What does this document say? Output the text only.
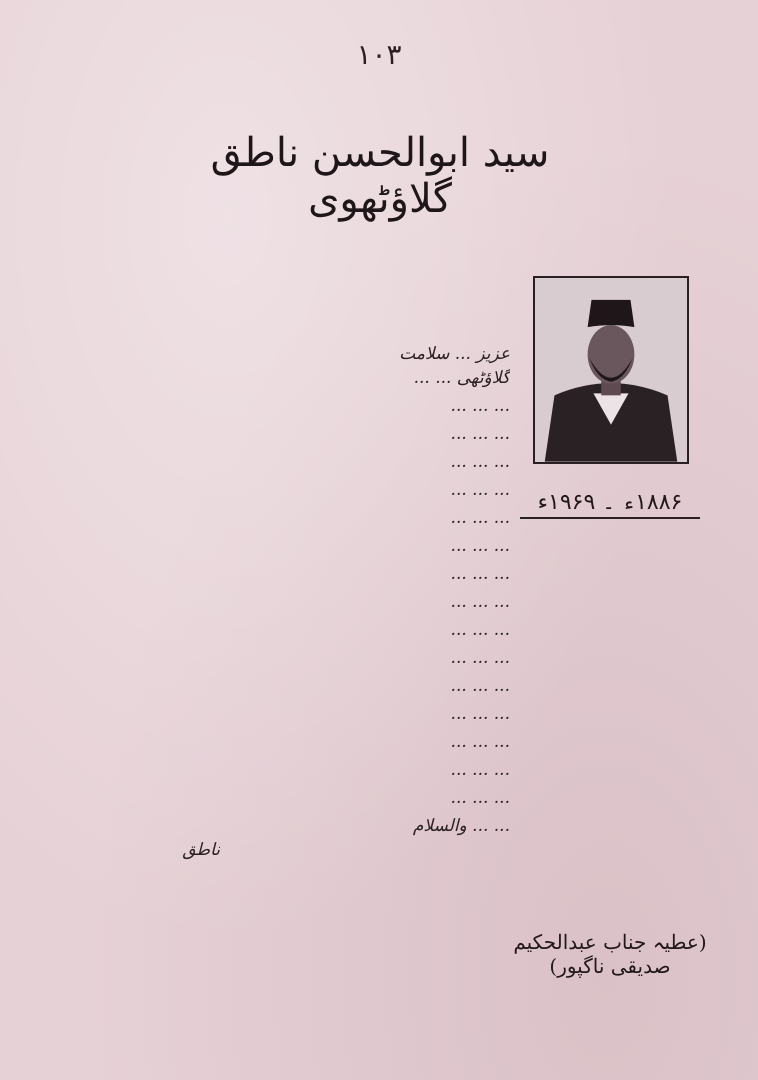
۱۰۳
سید ابوالحسن ناطق گلاؤٹھوی
۱۸۸۶ء ۔ ۱۹۶۹ء
عزیز ... سلامت
گلاؤٹھی ... ...
... ... ...
... ... ...
... ... ...
... ... ...
... ... ...
... ... ...
... ... ...
... ... ...
... ... ...
... ... ...
... ... ...
... ... ...
... ... ...
... ... ...
... ... ...
... ... والسلام
ناطق
(عطیہ جناب عبدالحکیم صدیقی ناگپور)
